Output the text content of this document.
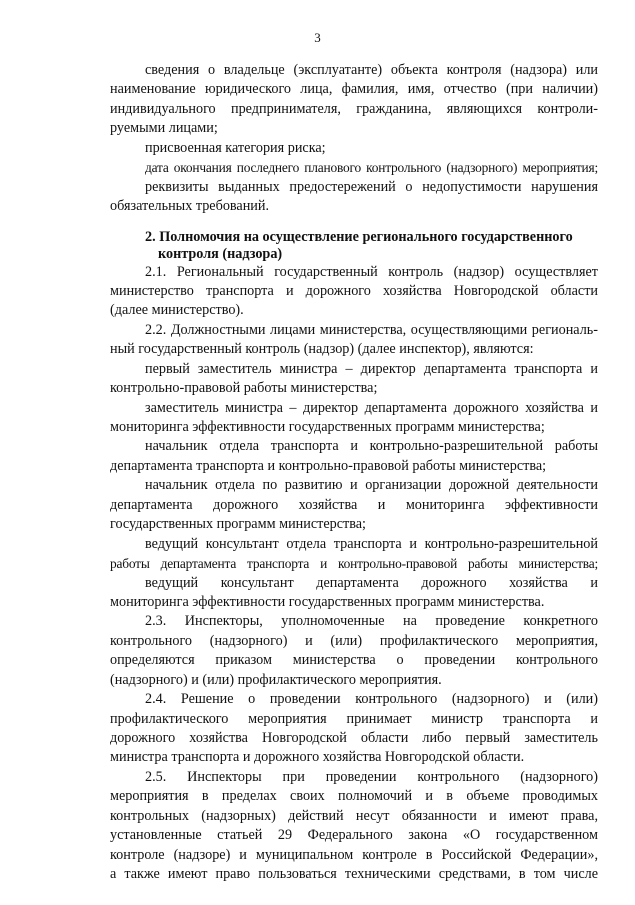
3
сведения о владельце (эксплуатанте) объекта контроля (надзора) или
наименование юридического лица, фамилия, имя, отчество (при наличии)
индивидуального предпринимателя, гражданина, являющихся контроли-
руемыми лицами;
присвоенная категория риска;
дата окончания последнего планового контрольного (надзорного) мероприятия;
реквизиты выданных предостережений о недопустимости нарушения
обязательных требований.
2. Полномочия на осуществление регионального государственного
контроля (надзора)
2.1. Региональный государственный контроль (надзор) осуществляет
министерство транспорта и дорожного хозяйства Новгородской области
(далее министерство).
2.2. Должностными лицами министерства, осуществляющими региональ-
ный государственный контроль (надзор) (далее инспектор), являются:
первый заместитель министра – директор департамента транспорта и
контрольно-правовой работы министерства;
заместитель министра – директор департамента дорожного хозяйства и
мониторинга эффективности государственных программ министерства;
начальник отдела транспорта и контрольно-разрешительной работы
департамента транспорта и контрольно-правовой работы министерства;
начальник отдела по развитию и организации дорожной деятельности
департамента дорожного хозяйства и мониторинга эффективности
государственных программ министерства;
ведущий консультант отдела транспорта и контрольно-разрешительной
работы департамента транспорта и контрольно-правовой работы министерства;
ведущий консультант департамента дорожного хозяйства и
мониторинга эффективности государственных программ министерства.
2.3. Инспекторы, уполномоченные на проведение конкретного
контрольного (надзорного) и (или) профилактического мероприятия,
определяются приказом министерства о проведении контрольного
(надзорного) и (или) профилактического мероприятия.
2.4. Решение о проведении контрольного (надзорного) и (или)
профилактического мероприятия принимает министр транспорта и
дорожного хозяйства Новгородской области либо первый заместитель
министра транспорта и дорожного хозяйства Новгородской области.
2.5. Инспекторы при проведении контрольного (надзорного)
мероприятия в пределах своих полномочий и в объеме проводимых
контрольных (надзорных) действий несут обязанности и имеют права,
установленные статьей 29 Федерального закона «О государственном
контроле (надзоре) и муниципальном контроле в Российской Федерации»,
а также имеют право пользоваться техническими средствами, в том числе
